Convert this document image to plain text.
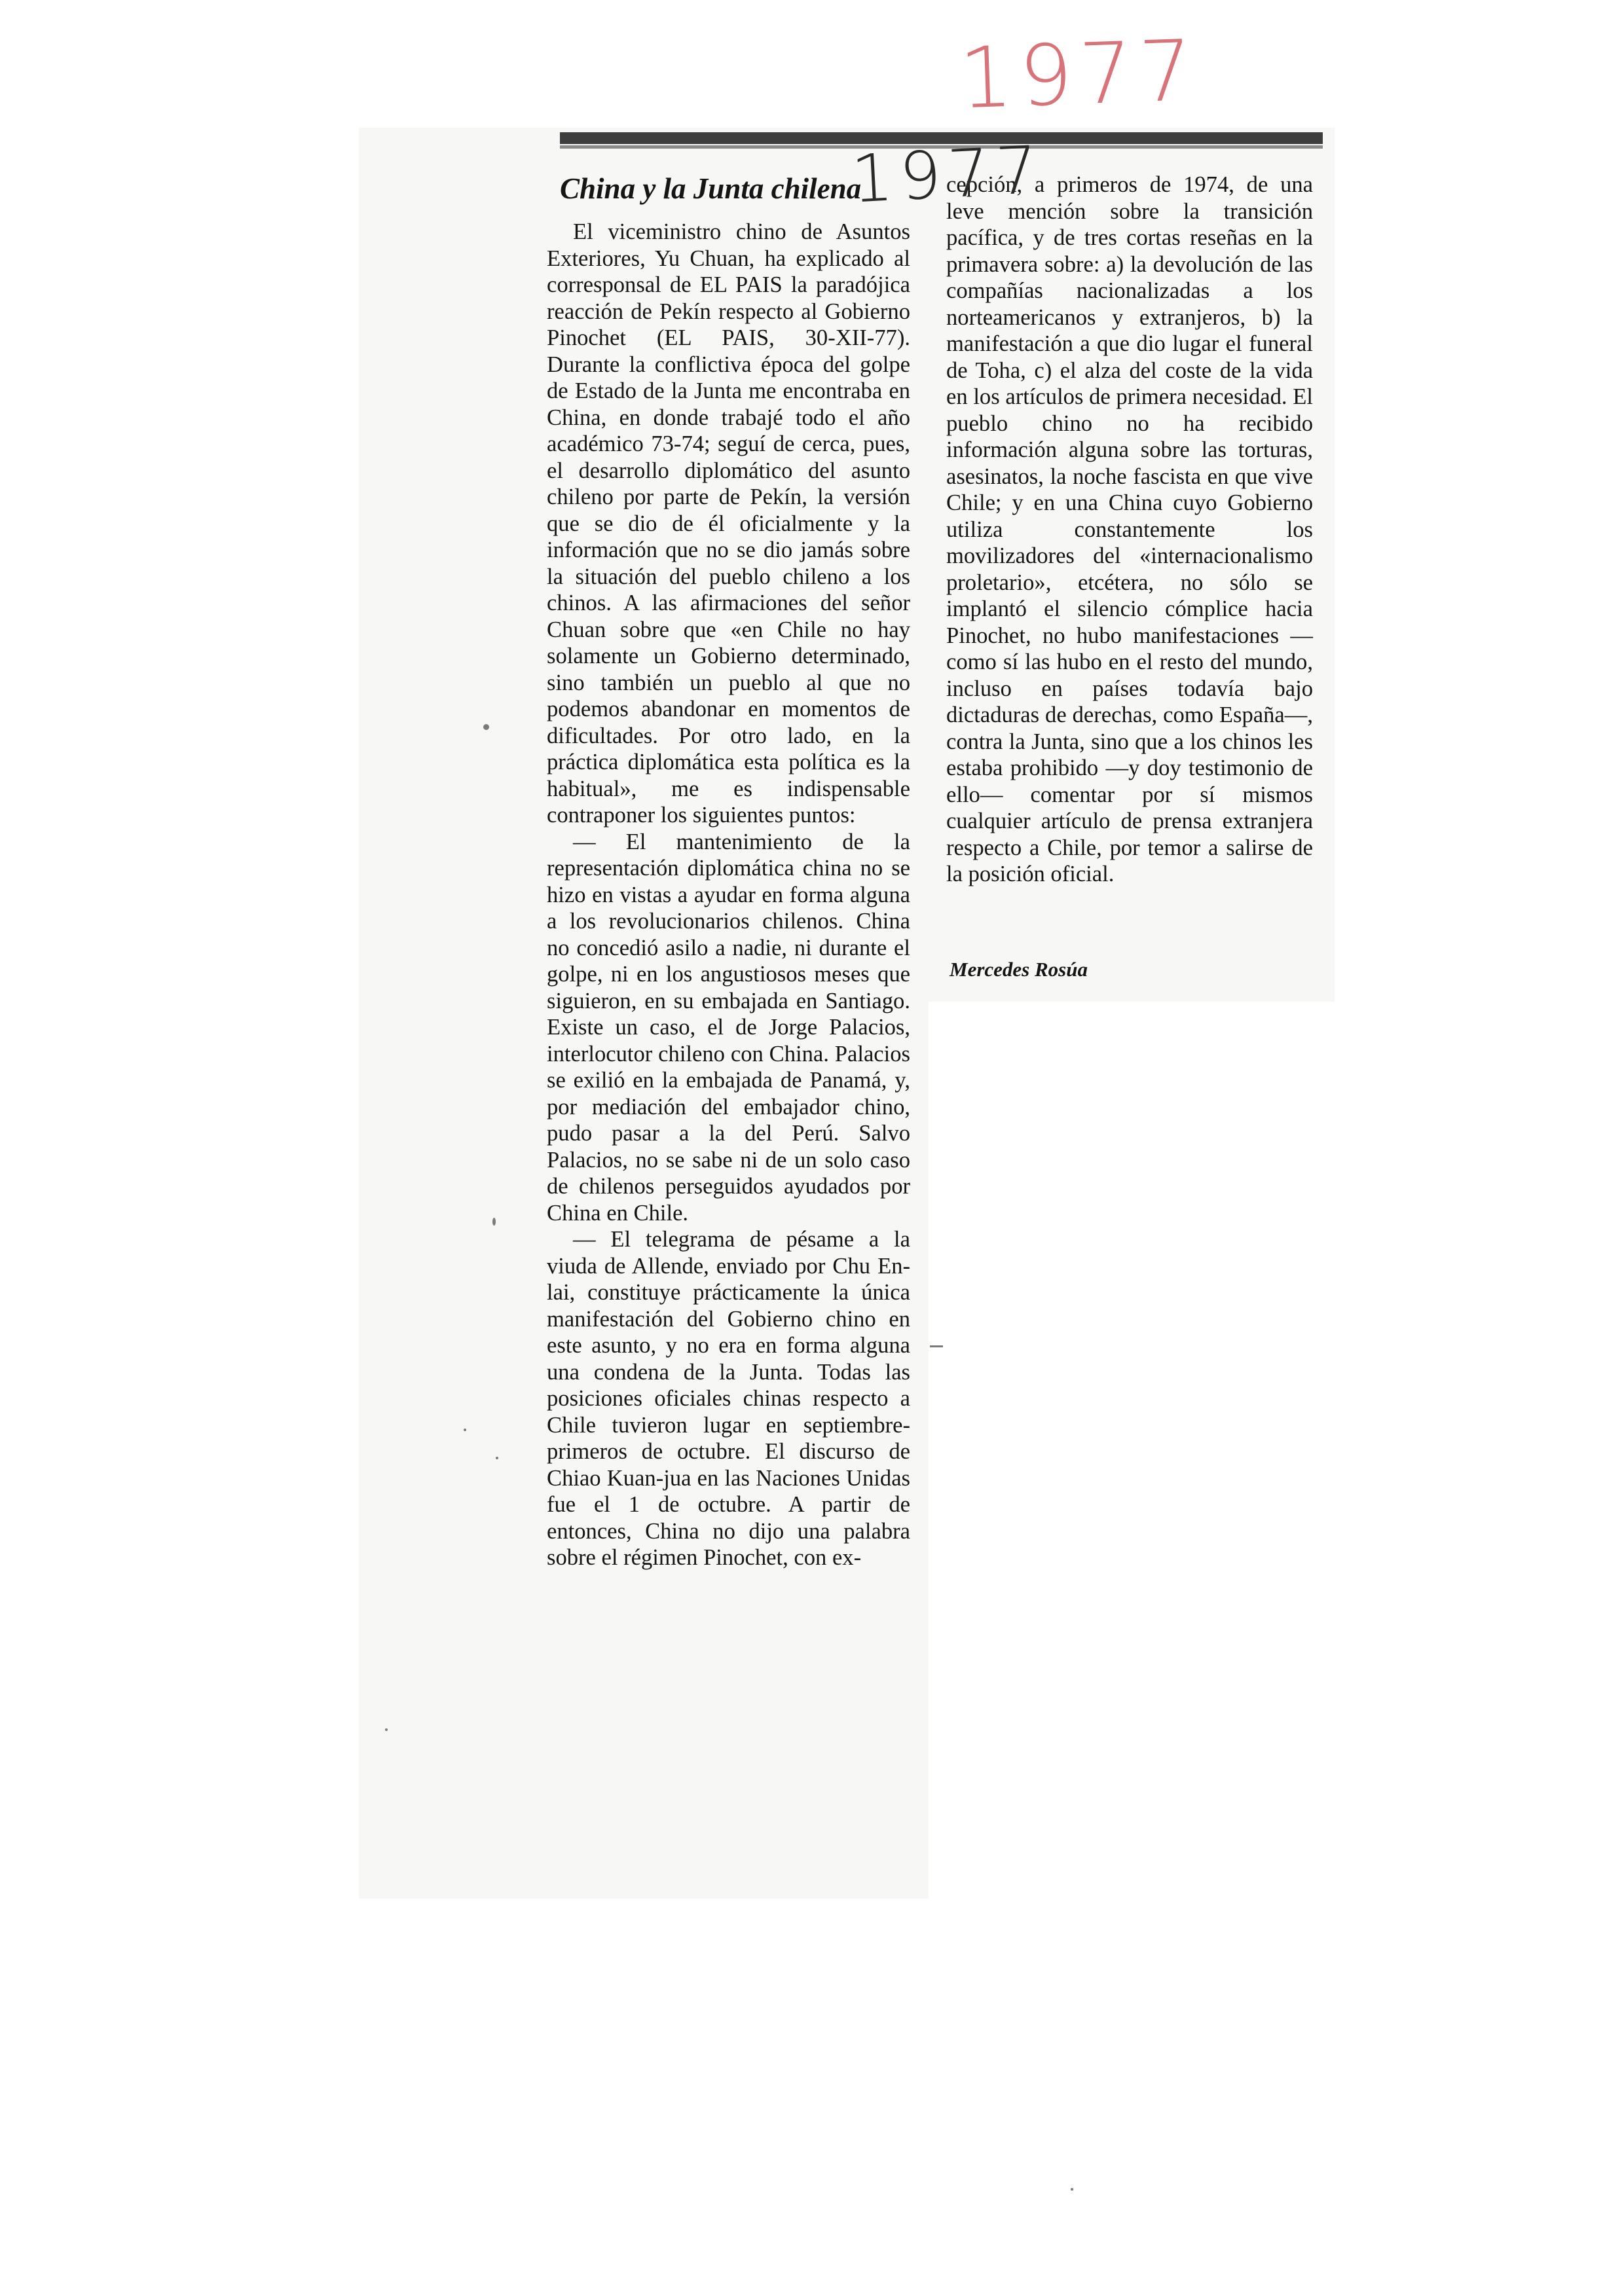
1977
1977
China y la Junta chilena

El viceministro chino de Asuntos Exteriores, Yu Chuan, ha explicado al corresponsal de EL PAIS la paradójica reacción de Pekín respecto al Gobierno Pinochet (EL PAIS, 30-XII-77). Durante la conflictiva época del golpe de Estado de la Junta me encontraba en China, en donde trabajé todo el año académico 73-74; seguí de cerca, pues, el desarrollo diplomático del asunto chileno por parte de Pekín, la versión que se dio de él oficialmente y la información que no se dio jamás sobre la situación del pueblo chileno a los chinos. A las afirmaciones del señor Chuan sobre que «en Chile no hay solamente un Gobierno determinado, sino también un pueblo al que no podemos abandonar en momentos de dificultades. Por otro lado, en la práctica diplomática esta política es la habitual», me es indispensable contraponer los siguientes puntos:

— El mantenimiento de la representación diplomática china no se hizo en vistas a ayudar en forma alguna a los revolucionarios chilenos. China no concedió asilo a nadie, ni durante el golpe, ni en los angustiosos meses que siguieron, en su embajada en Santiago. Existe un caso, el de Jorge Palacios, interlocutor chileno con China. Palacios se exilió en la embajada de Panamá, y, por mediación del embajador chino, pudo pasar a la del Perú. Salvo Palacios, no se sabe ni de un solo caso de chilenos perseguidos ayudados por China en Chile.

— El telegrama de pésame a la viuda de Allende, enviado por Chu En-lai, constituye prácticamente la única manifestación del Gobierno chino en este asunto, y no era en forma alguna una condena de la Junta. Todas las posiciones oficiales chinas respecto a Chile tuvieron lugar en septiembre-primeros de octubre. El discurso de Chiao Kuan-jua en las Naciones Unidas fue el 1 de octubre. A partir de entonces, China no dijo una palabra sobre el régimen Pinochet, con ex-

cepción, a primeros de 1974, de una leve mención sobre la transición pacífica, y de tres cortas reseñas en la primavera sobre: a) la devolución de las compañías nacionalizadas a los norteamericanos y extranjeros, b) la manifestación a que dio lugar el funeral de Toha, c) el alza del coste de la vida en los artículos de primera necesidad. El pueblo chino no ha recibido información alguna sobre las torturas, asesinatos, la noche fascista en que vive Chile; y en una China cuyo Gobierno utiliza constantemente los movilizadores del «internacionalismo proletario», etcétera, no sólo se implantó el silencio cómplice hacia Pinochet, no hubo manifestaciones —como sí las hubo en el resto del mundo, incluso en países todavía bajo dictaduras de derechas, como España—, contra la Junta, sino que a los chinos les estaba prohibido —y doy testimonio de ello— comentar por sí mismos cualquier artículo de prensa extranjera respecto a Chile, por temor a salirse de la posición oficial.

Mercedes Rosúa
